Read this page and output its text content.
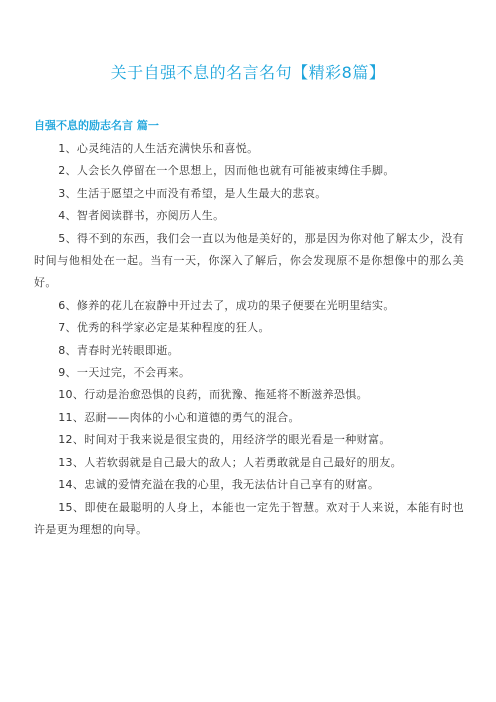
关于自强不息的名言名句【精彩8篇】
自强不息的励志名言 篇一
1、心灵纯洁的人生活充满快乐和喜悦。
2、人会长久停留在一个思想上，因而他也就有可能被束缚住手脚。
3、生活于愿望之中而没有希望，是人生最大的悲哀。
4、智者阅读群书，亦阅历人生。
5、得不到的东西，我们会一直以为他是美好的，那是因为你对他了解太少，没有时间与他相处在一起。当有一天，你深入了解后，你会发现原不是你想像中的那么美好。
6、修养的花儿在寂静中开过去了，成功的果子便要在光明里结实。
7、优秀的科学家必定是某种程度的狂人。
8、青春时光转眼即逝。
9、一天过完，不会再来。
10、行动是治愈恐惧的良药，而犹豫、拖延将不断滋养恐惧。
11、忍耐——肉体的小心和道德的勇气的混合。
12、时间对于我来说是很宝贵的，用经济学的眼光看是一种财富。
13、人若软弱就是自己最大的敌人；人若勇敢就是自己最好的朋友。
14、忠诚的爱情充溢在我的心里，我无法估计自己享有的财富。
15、即使在最聪明的人身上，本能也一定先于智慧。欢对于人来说，本能有时也许是更为理想的向导。
